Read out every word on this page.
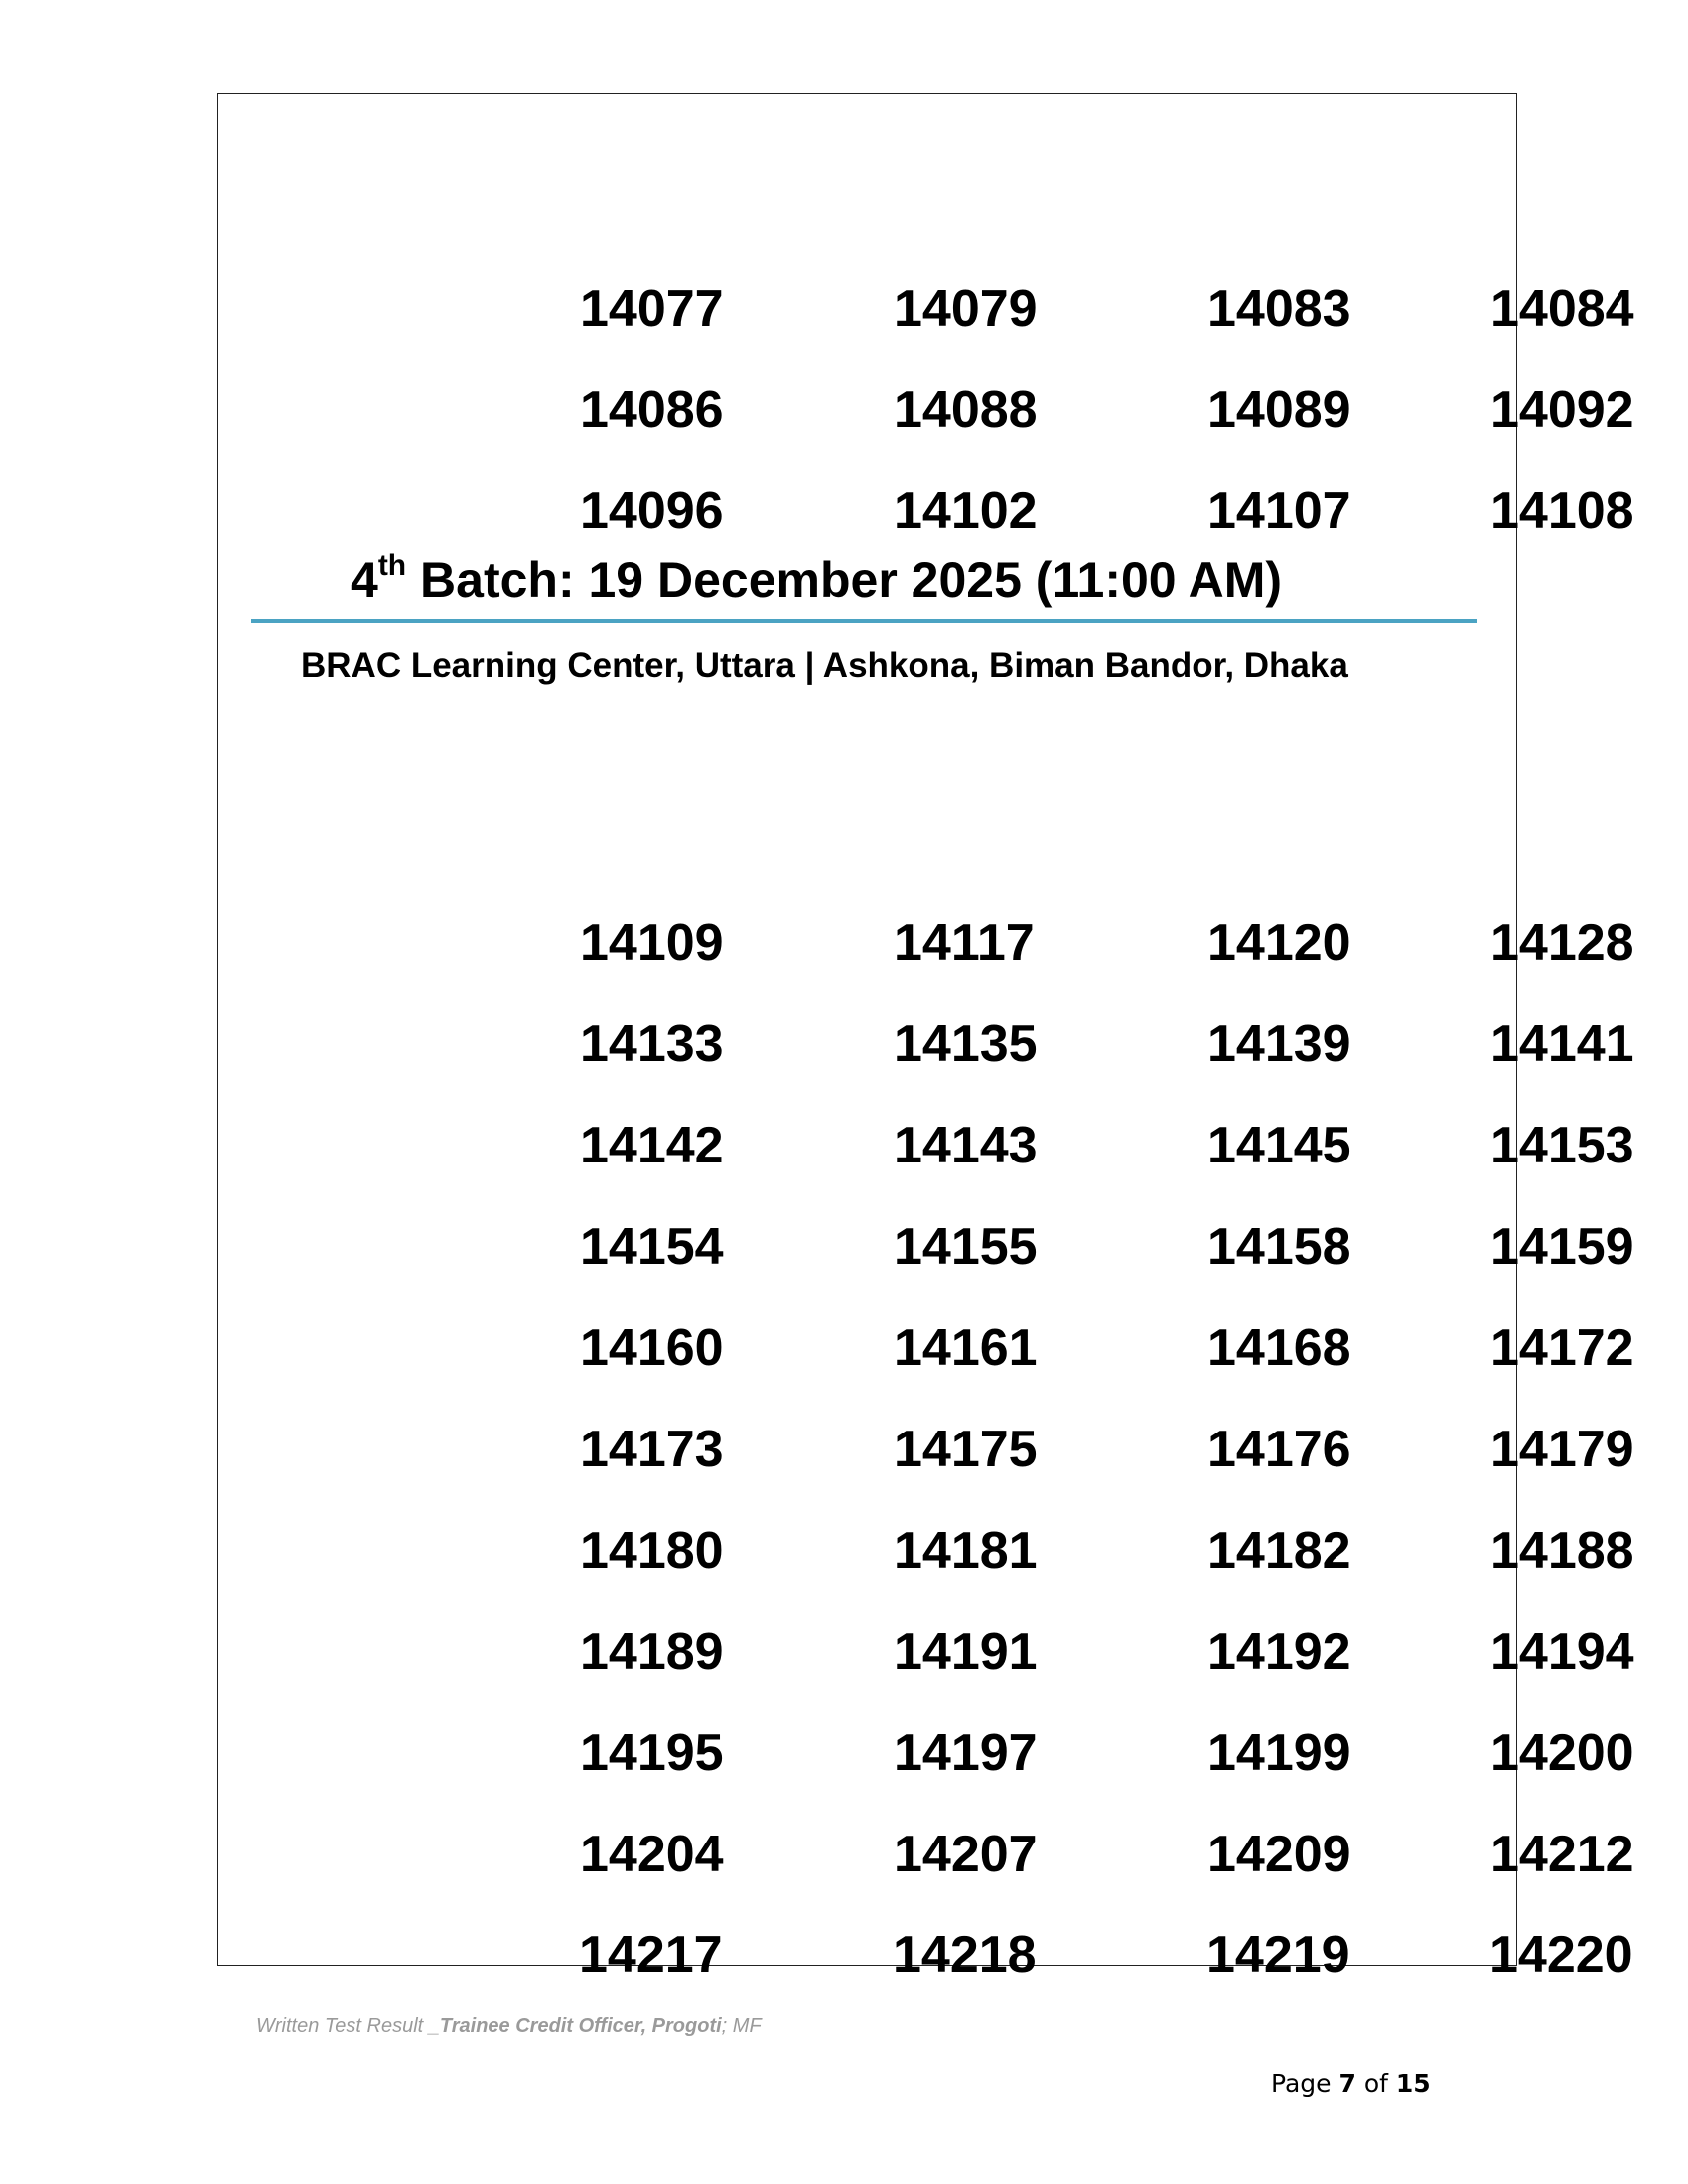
14077	14079	14083	14084
14086	14088	14089	14092
14096	14102	14107	14108
4th Batch: 19 December 2025 (11:00 AM)
BRAC Learning Center, Uttara | Ashkona, Biman Bandor, Dhaka
14109	14117	14120	14128
14133	14135	14139	14141
14142	14143	14145	14153
14154	14155	14158	14159
14160	14161	14168	14172
14173	14175	14176	14179
14180	14181	14182	14188
14189	14191	14192	14194
14195	14197	14199	14200
14204	14207	14209	14212
14217	14218	14219	14220
Written Test Result _Trainee Credit Officer, Progoti; MF
Page 7 of 15
